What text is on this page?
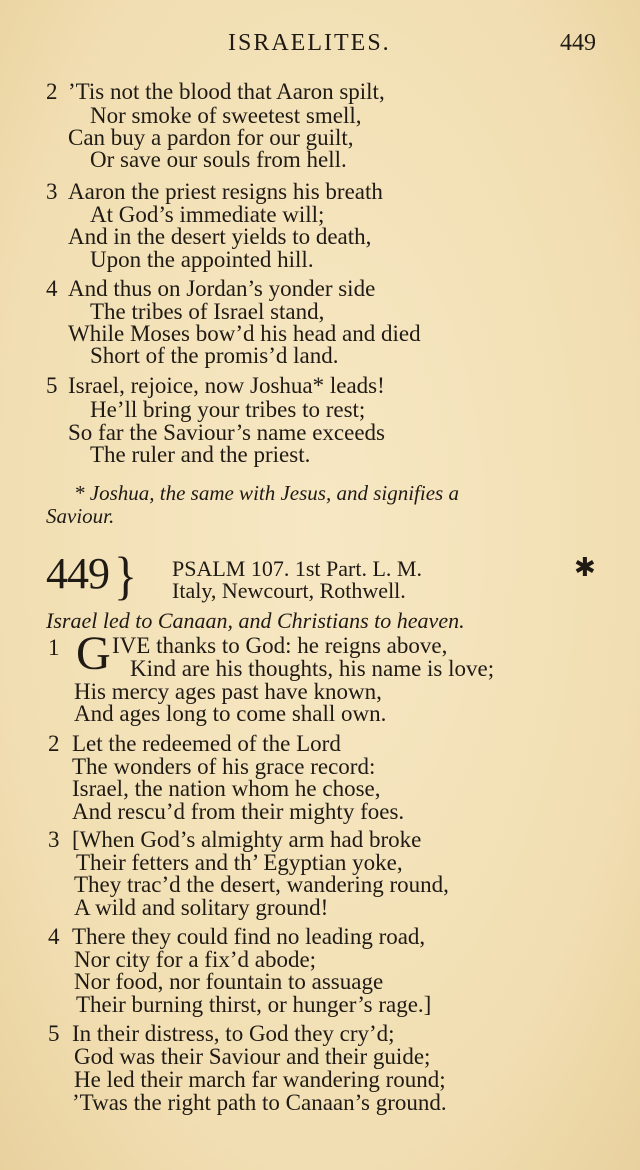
ISRAELITES.	449
2 ’Tis not the blood that Aaron spilt,
Nor smoke of sweetest smell,
Can buy a pardon for our guilt,
Or save our souls from hell.
3 Aaron the priest resigns his breath
At God’s immediate will;
And in the desert yields to death,
Upon the appointed hill.
4 And thus on Jordan’s yonder side
The tribes of Israel stand,
While Moses bow’d his head and died
Short of the promis’d land.
5 Israel, rejoice, now Joshua* leads!
He’ll bring your tribes to rest;
So far the Saviour’s name exceeds
The ruler and the priest.
* Joshua, the same with Jesus, and signifies a
Saviour.
449 } PSALM 107. 1st Part. L. M.
Italy, Newcourt, Rothwell.
✱
Israel led to Canaan, and Christians to heaven.
1 G IVE thanks to God: he reigns above,
Kind are his thoughts, his name is love;
His mercy ages past have known,
And ages long to come shall own.
2 Let the redeemed of the Lord
The wonders of his grace record:
Israel, the nation whom he chose,
And rescu’d from their mighty foes.
3 [When God’s almighty arm had broke
Their fetters and th’ Egyptian yoke,
They trac’d the desert, wandering round,
A wild and solitary ground!
4 There they could find no leading road,
Nor city for a fix’d abode;
Nor food, nor fountain to assuage
Their burning thirst, or hunger’s rage.]
5 In their distress, to God they cry’d;
God was their Saviour and their guide;
He led their march far wandering round;
’Twas the right path to Canaan’s ground.
